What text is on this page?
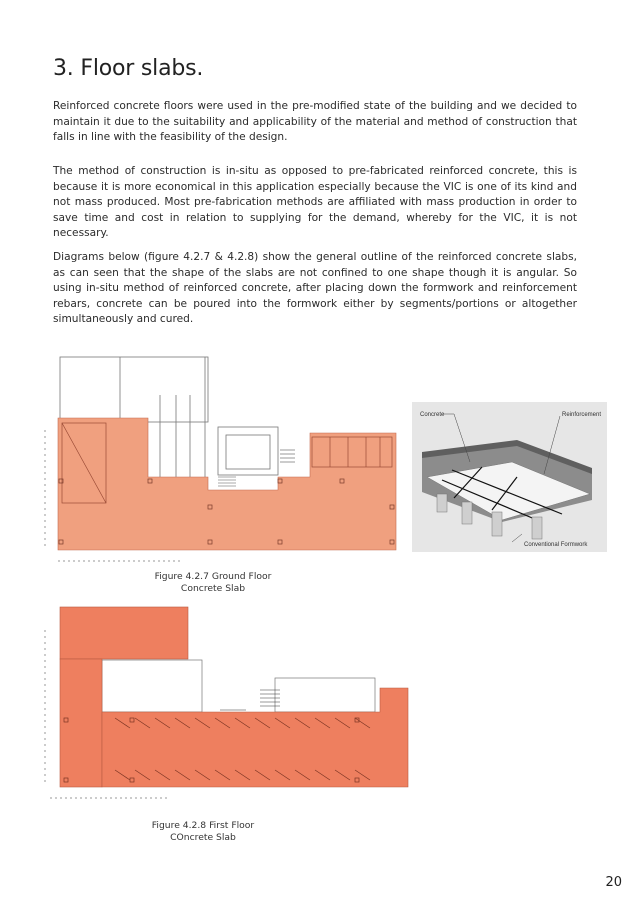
3. Floor slabs.

Reinforced concrete floors were used in the pre-modified state of the building and we decided to maintain it due to the suitability and applicability of the material and method of construction that falls in line with the feasibility of the design.

The method of construction is in-situ as opposed to pre-fabricated reinforced concrete, this is because it is more economical in this application especially because the VIC is one of its kind and not mass produced. Most pre-fabrication methods are affiliated with mass production in order to save time and cost in relation to supplying for the demand, whereby for the VIC, it is not necessary.

Diagrams below (figure 4.2.7 & 4.2.8) show the general outline of the reinforced concrete slabs, as can seen that the shape of the slabs are not confined to one shape though it is angular. So using in-situ method of reinforced concrete, after placing down the formwork and reinforcement rebars, concrete can be poured into the formwork either by segments/portions or altogether simultaneously and cured.

Concrete	Reinforcement
Conventional Formwork
Figure 4.2.7 Ground Floor Concrete Slab
Figure 4.2.8 First Floor COncrete Slab
20
